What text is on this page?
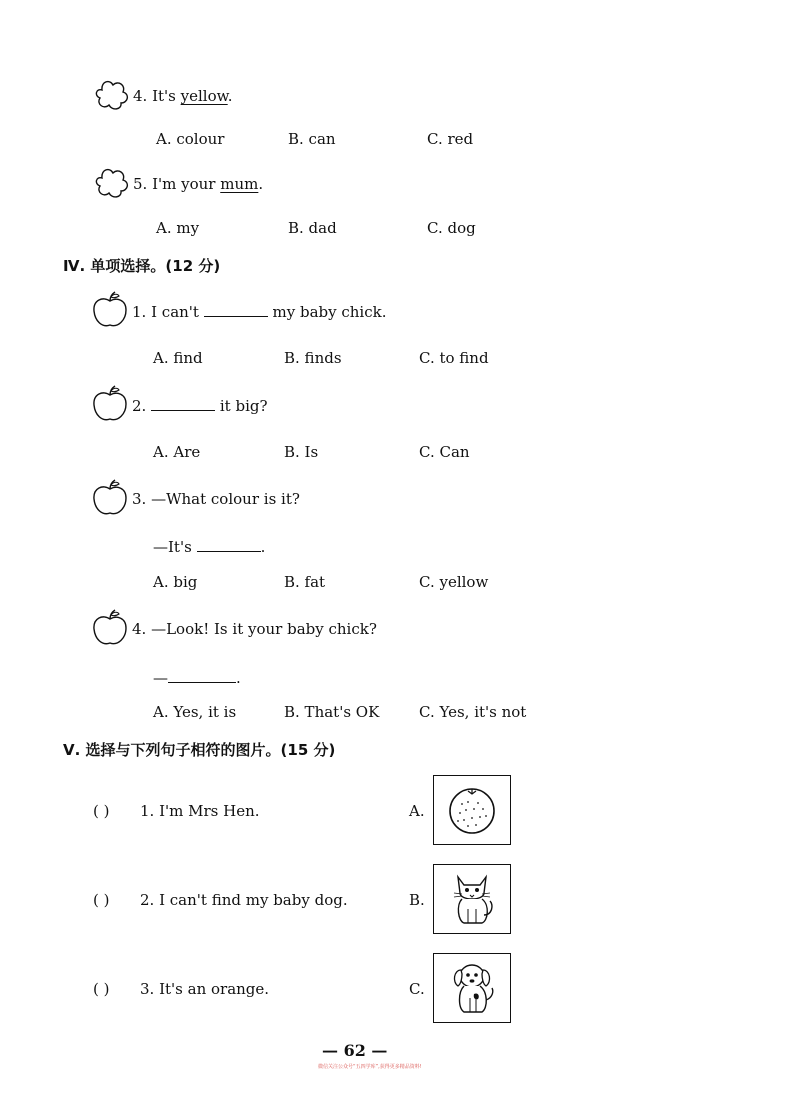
4. It's yellow.
A. colour	B. can	C. red
5. I'm your mum.
A. my	B. dad	C. dog
Ⅳ. 单项选择。(12 分)
1. I can't	my baby chick.
A. find	B. finds	C. to find
2.	it big?
A. Are	B. Is	C. Can
3. —What colour is it?
—It's	.
A. big	B. fat	C. yellow
4. —Look! Is it your baby chick?
—	.
A. Yes, it is	B. That's OK	C. Yes, it's not
Ⅴ. 选择与下列句子相符的图片。(15 分)
( ) 1. I'm Mrs Hen.	A.
( ) 2. I can't find my baby dog.	B.
( ) 3. It's an orange.	C.
— 62 —
微信关注公众号“五四学库”,获得更多精品资料!
